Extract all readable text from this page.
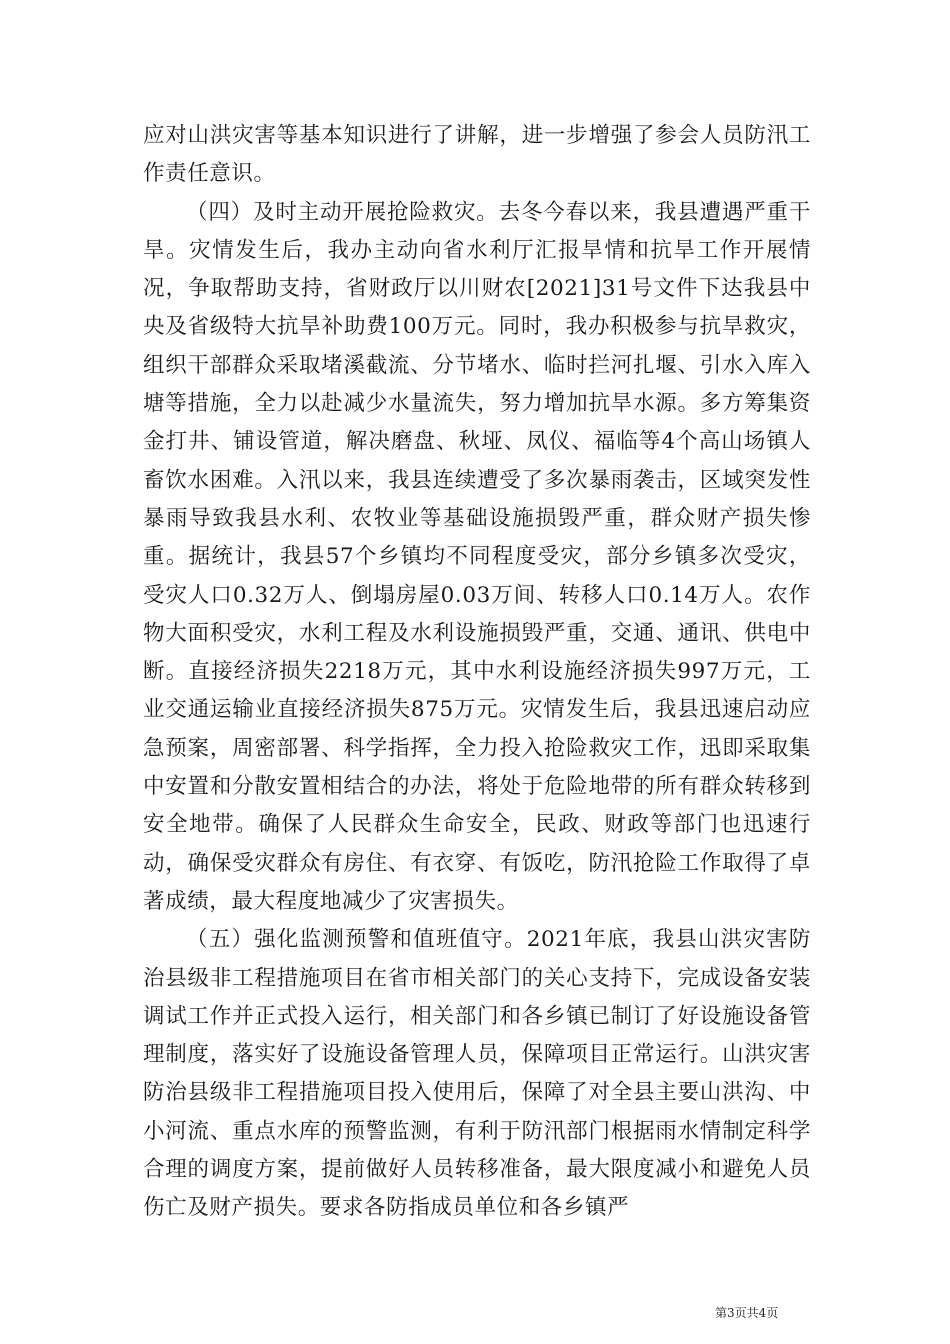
应对山洪灾害等基本知识进行了讲解，进一步增强了参会人员防汛工作责任意识。

（四）及时主动开展抢险救灾。去冬今春以来，我县遭遇严重干旱。灾情发生后，我办主动向省水利厅汇报旱情和抗旱工作开展情况，争取帮助支持，省财政厅以川财农[2021]31号文件下达我县中央及省级特大抗旱补助费100万元。同时，我办积极参与抗旱救灾，组织干部群众采取堵溪截流、分节堵水、临时拦河扎堰、引水入库入塘等措施，全力以赴减少水量流失，努力增加抗旱水源。多方筹集资金打井、铺设管道，解决磨盘、秋垭、凤仪、福临等4个高山场镇人畜饮水困难。入汛以来，我县连续遭受了多次暴雨袭击，区域突发性暴雨导致我县水利、农牧业等基础设施损毁严重，群众财产损失惨重。据统计，我县57个乡镇均不同程度受灾，部分乡镇多次受灾，受灾人口0.32万人、倒塌房屋0.03万间、转移人口0.14万人。农作物大面积受灾，水利工程及水利设施损毁严重，交通、通讯、供电中断。直接经济损失2218万元，其中水利设施经济损失997万元，工业交通运输业直接经济损失875万元。灾情发生后，我县迅速启动应急预案，周密部署、科学指挥，全力投入抢险救灾工作，迅即采取集中安置和分散安置相结合的办法，将处于危险地带的所有群众转移到安全地带。确保了人民群众生命安全，民政、财政等部门也迅速行动，确保受灾群众有房住、有衣穿、有饭吃，防汛抢险工作取得了卓著成绩，最大程度地减少了灾害损失。

（五）强化监测预警和值班值守。2021年底，我县山洪灾害防治县级非工程措施项目在省市相关部门的关心支持下，完成设备安装调试工作并正式投入运行，相关部门和各乡镇已制订了好设施设备管理制度，落实好了设施设备管理人员，保障项目正常运行。山洪灾害防治县级非工程措施项目投入使用后，保障了对全县主要山洪沟、中小河流、重点水库的预警监测，有利于防汛部门根据雨水情制定科学合理的调度方案，提前做好人员转移准备，最大限度减小和避免人员伤亡及财产损失。要求各防指成员单位和各乡镇严

第3页共4页
